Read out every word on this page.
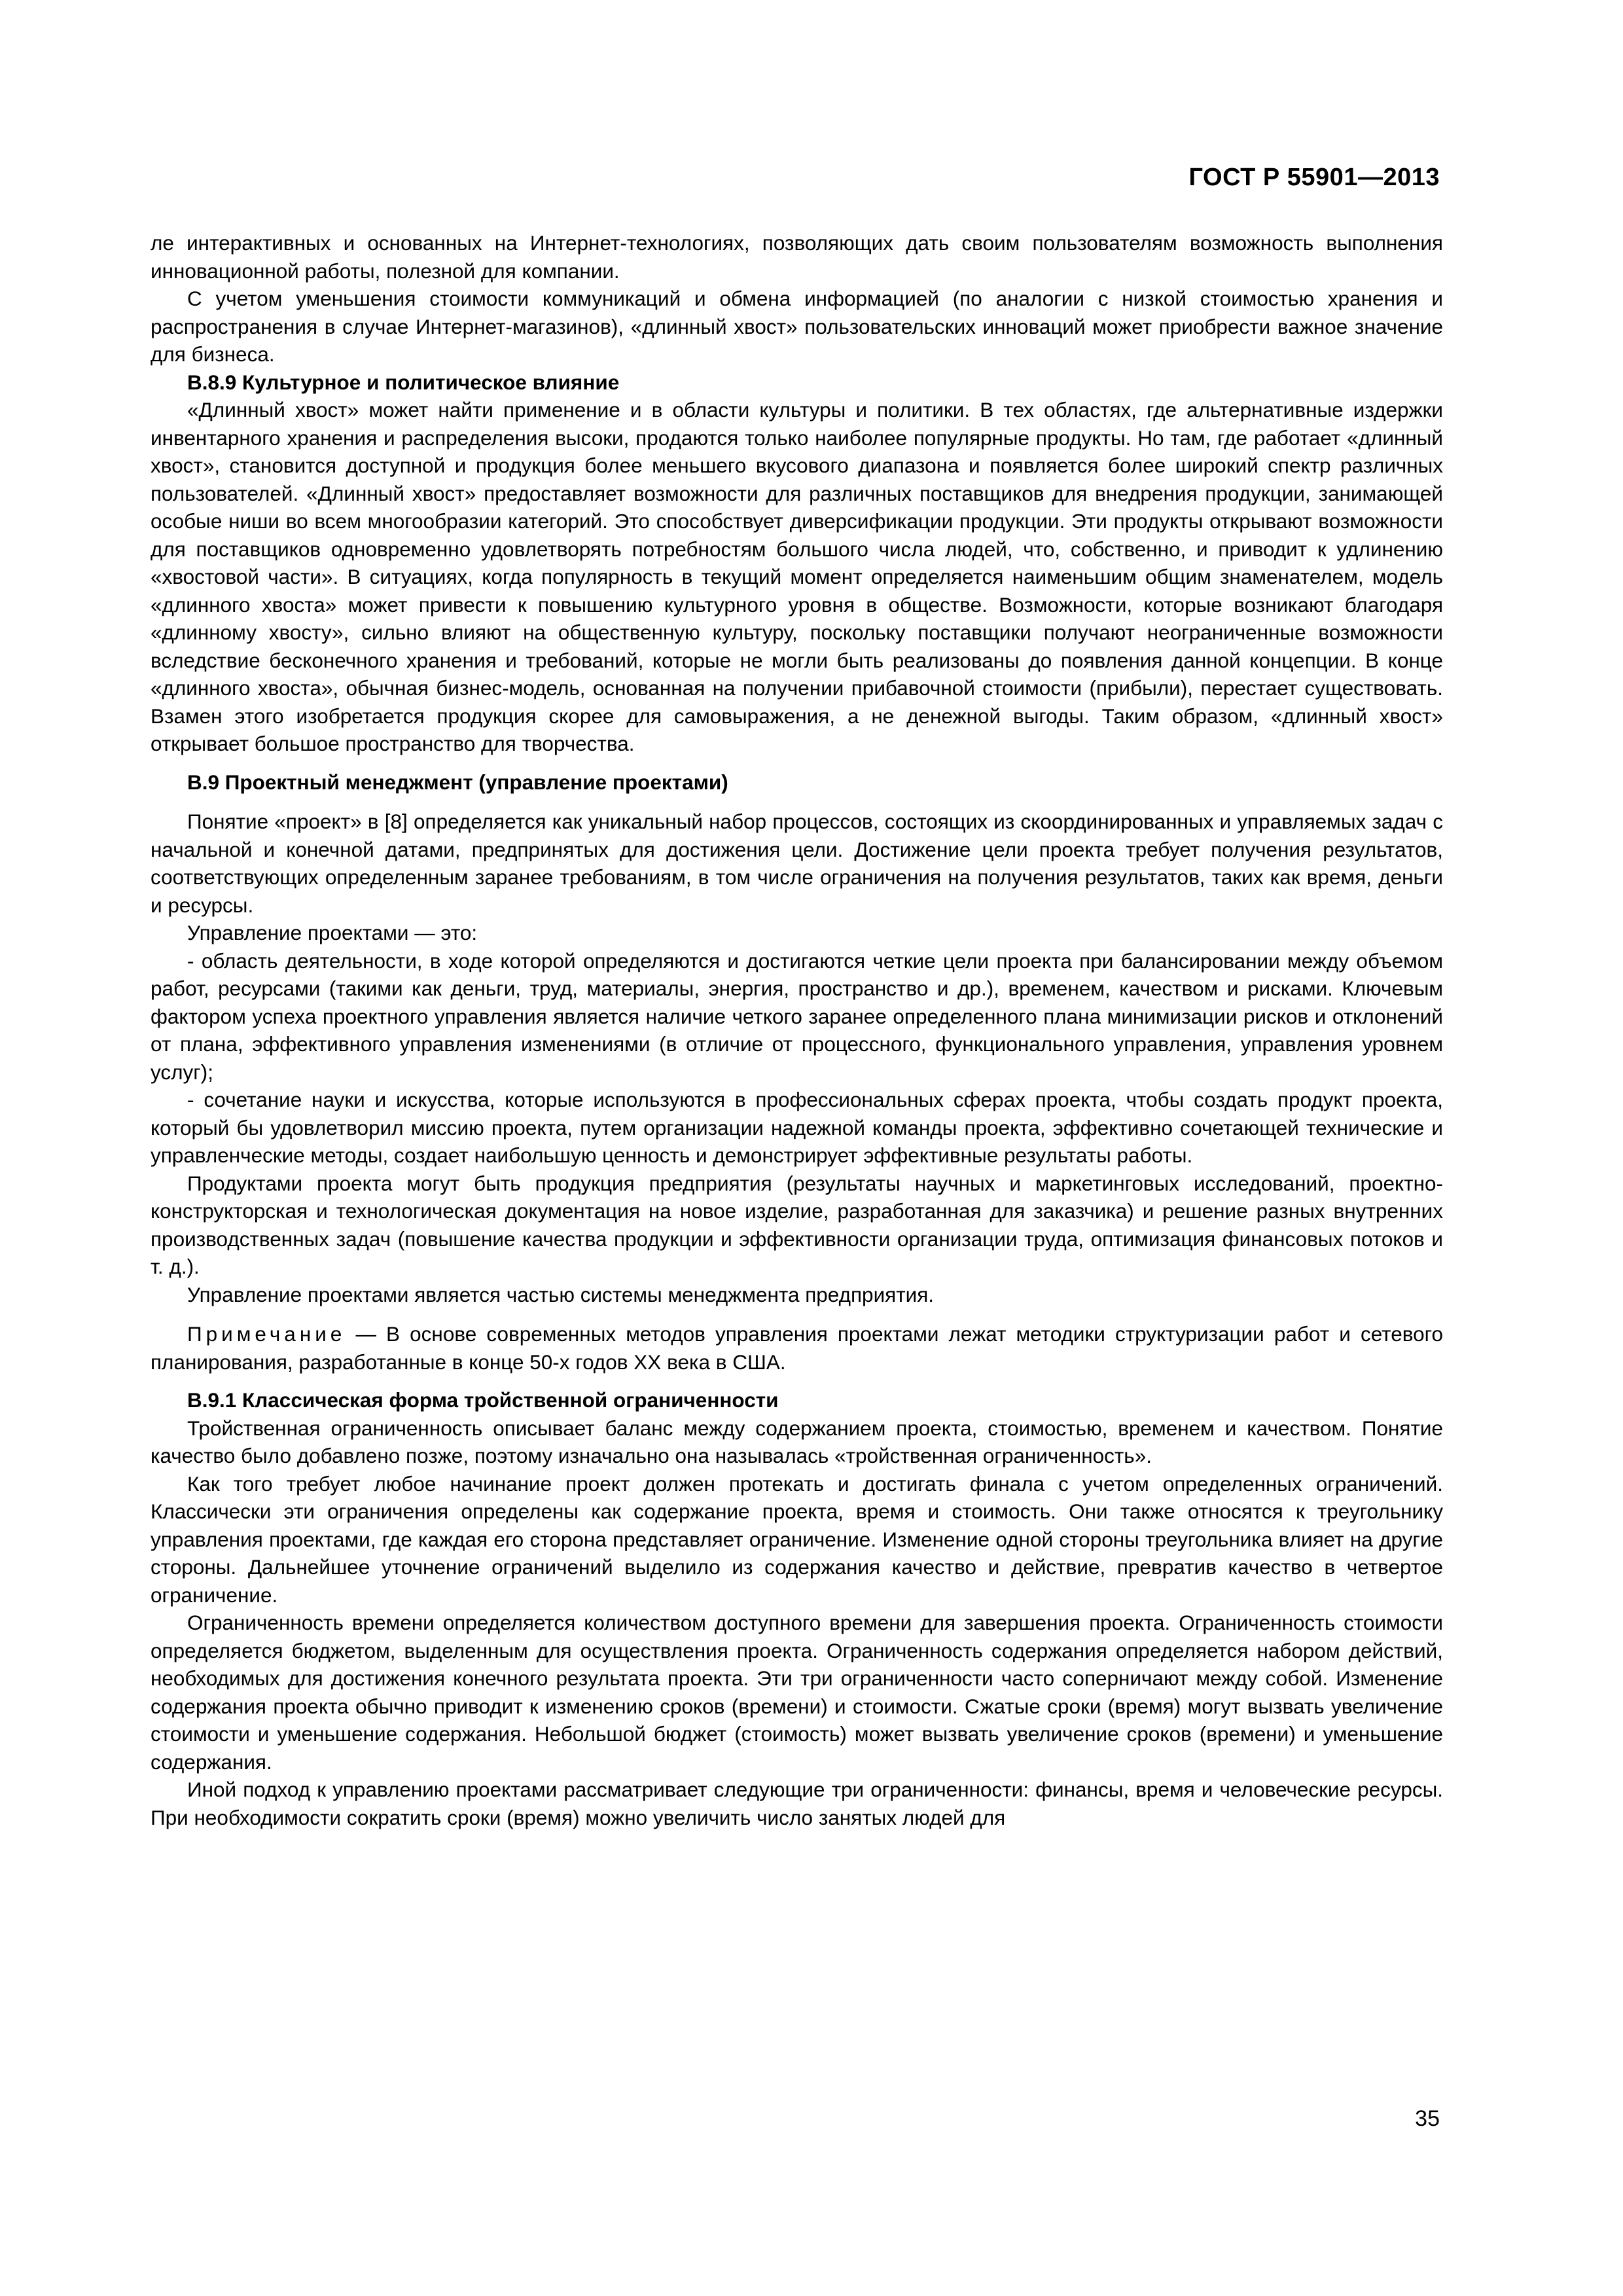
ГОСТ Р 55901—2013

ле интерактивных и основанных на Интернет-технологиях, позволяющих дать своим пользователям возможность выполнения инновационной работы, полезной для компании.

С учетом уменьшения стоимости коммуникаций и обмена информацией (по аналогии с низкой стоимостью хранения и распространения в случае Интернет-магазинов), «длинный хвост» пользовательских инноваций может приобрести важное значение для бизнеса.

В.8.9 Культурное и политическое влияние

«Длинный хвост» может найти применение и в области культуры и политики. В тех областях, где альтернативные издержки инвентарного хранения и распределения высоки, продаются только наиболее популярные продукты. Но там, где работает «длинный хвост», становится доступной и продукция более меньшего вкусового диапазона и появляется более широкий спектр различных пользователей. «Длинный хвост» предоставляет возможности для различных поставщиков для внедрения продукции, занимающей особые ниши во всем многообразии категорий. Это способствует диверсификации продукции. Эти продукты открывают возможности для поставщиков одновременно удовлетворять потребностям большого числа людей, что, собственно, и приводит к удлинению «хвостовой части». В ситуациях, когда популярность в текущий момент определяется наименьшим общим знаменателем, модель «длинного хвоста» может привести к повышению культурного уровня в обществе. Возможности, которые возникают благодаря «длинному хвосту», сильно влияют на общественную культуру, поскольку поставщики получают неограниченные возможности вследствие бесконечного хранения и требований, которые не могли быть реализованы до появления данной концепции. В конце «длинного хвоста», обычная бизнес-модель, основанная на получении прибавочной стоимости (прибыли), перестает существовать. Взамен этого изобретается продукция скорее для самовыражения, а не денежной выгоды. Таким образом, «длинный хвост» открывает большое пространство для творчества.

В.9 Проектный менеджмент (управление проектами)

Понятие «проект» в [8] определяется как уникальный набор процессов, состоящих из скоординированных и управляемых задач с начальной и конечной датами, предпринятых для достижения цели. Достижение цели проекта требует получения результатов, соответствующих определенным заранее требованиям, в том числе ограничения на получения результатов, таких как время, деньги и ресурсы.

Управление проектами — это:

- область деятельности, в ходе которой определяются и достигаются четкие цели проекта при балансировании между объемом работ, ресурсами (такими как деньги, труд, материалы, энергия, пространство и др.), временем, качеством и рисками. Ключевым фактором успеха проектного управления является наличие четкого заранее определенного плана минимизации рисков и отклонений от плана, эффективного управления изменениями (в отличие от процессного, функционального управления, управления уровнем услуг);

- сочетание науки и искусства, которые используются в профессиональных сферах проекта, чтобы создать продукт проекта, который бы удовлетворил миссию проекта, путем организации надежной команды проекта, эффективно сочетающей технические и управленческие методы, создает наибольшую ценность и демонстрирует эффективные результаты работы.

Продуктами проекта могут быть продукция предприятия (результаты научных и маркетинговых исследований, проектно-конструкторская и технологическая документация на новое изделие, разработанная для заказчика) и решение разных внутренних производственных задач (повышение качества продукции и эффективности организации труда, оптимизация финансовых потоков и т. д.).

Управление проектами является частью системы менеджмента предприятия.

Примечание — В основе современных методов управления проектами лежат методики структуризации работ и сетевого планирования, разработанные в конце 50-х годов XX века в США.

В.9.1 Классическая форма тройственной ограниченности

Тройственная ограниченность описывает баланс между содержанием проекта, стоимостью, временем и качеством. Понятие качество было добавлено позже, поэтому изначально она называлась «тройственная ограниченность».

Как того требует любое начинание проект должен протекать и достигать финала с учетом определенных ограничений. Классически эти ограничения определены как содержание проекта, время и стоимость. Они также относятся к треугольнику управления проектами, где каждая его сторона представляет ограничение. Изменение одной стороны треугольника влияет на другие стороны. Дальнейшее уточнение ограничений выделило из содержания качество и действие, превратив качество в четвертое ограничение.

Ограниченность времени определяется количеством доступного времени для завершения проекта. Ограниченность стоимости определяется бюджетом, выделенным для осуществления проекта. Ограниченность содержания определяется набором действий, необходимых для достижения конечного результата проекта. Эти три ограниченности часто соперничают между собой. Изменение содержания проекта обычно приводит к изменению сроков (времени) и стоимости. Сжатые сроки (время) могут вызвать увеличение стоимости и уменьшение содержания. Небольшой бюджет (стоимость) может вызвать увеличение сроков (времени) и уменьшение содержания.

Иной подход к управлению проектами рассматривает следующие три ограниченности: финансы, время и человеческие ресурсы. При необходимости сократить сроки (время) можно увеличить число занятых людей для

35
